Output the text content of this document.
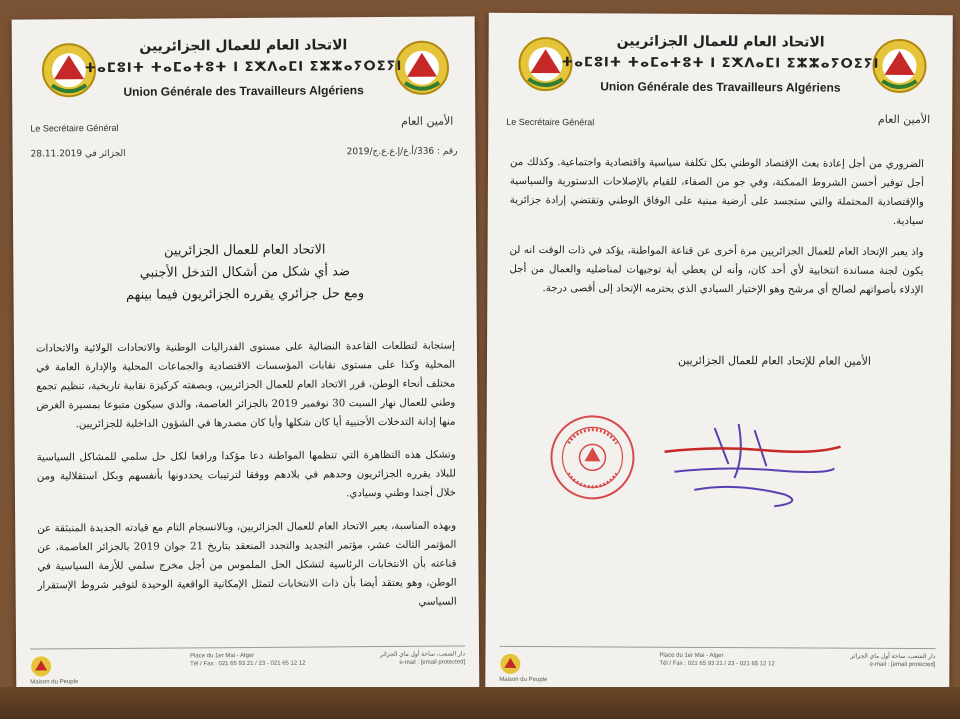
الاتحاد العام للعمال الجزائريين
ⵜⴰⵎⵓⵏⵜ ⵜⴰⵎⴰⵜⵓⵜ ⵏ ⵉⵅⴷⴰⵎⵏ ⵉⵣⵣⴰⵢⵔⵉⵢⵏ
Union Générale des Travailleurs Algériens
Le Secrétaire Général
الأمين العام
رقم : 336/أ.ع/إ.ع.ع.ج/2019
الجزائر في 28.11.2019
الاتحاد العام للعمال الجزائريين
ضد أي شكل من أشكال التدخل الأجنبي
ومع حل جزائري يقرره الجزائريون فيما بينهم

إستجابة لتطلعات القاعدة النضالية على مستوى الفدراليات الوطنية والاتحادات الولائية والاتحادات المحلية وكذا على مستوى نقابات المؤسسات الاقتصادية والجماعات المحلية والإدارة العامة في مختلف أنحاء الوطن، قرر الاتحاد العام للعمال الجزائريين، وبصفته كركيزة نقابية تاريخية، تنظيم تجمع وطني للعمال نهار السبت 30 نوفمبر 2019 بالجزائر العاصمة، والذي سيكون متبوعا بمسيرة الغرض منها إدانة التدخلات الأجنبية أيا كان شكلها وأيا كان مصدرها في الشؤون الداخلية للجزائريين.

وتشكل هذه التظاهرة التي تنظمها المواطنة دعا مؤكدا ورافعا لكل حل سلمي للمشاكل السياسية للبلاد يقرره الجزائريون وحدهم في بلادهم ووفقا لترتيبات يحددونها بأنفسهم وبكل استقلالية ومن خلال أجندا وطني وسيادي.

وبهذه المناسبة، يعبر الاتحاد العام للعمال الجزائريين، وبالانسجام التام مع قيادته الجديدة المنبثقة عن المؤتمر الثالث عشر، مؤتمر التجديد والتجدد المنعقد بتاريخ 21 جوان 2019 بالجزائر العاصمة، عن قناعته بأن الانتخابات الرئاسية لتشكل الحل الملموس من أجل مخرج سلمي للأزمة السياسية في الوطن، وهو يعتقد أيضا بأن ذات الانتخابات لتمثل الإمكانية الواقعية الوحيدة لتوفير شروط الإستقرار السياسي

Maison du Peuple
Place du 1er Mai - Alger
Tél / Fax : 021 65 93 21 / 23 - 021 65 12 12
دار الشعب، ساحة أول ماي الجزائر
e-mail : [email protected]
الاتحاد العام للعمال الجزائريين
ⵜⴰⵎⵓⵏⵜ ⵜⴰⵎⴰⵜⵓⵜ ⵏ ⵉⵅⴷⴰⵎⵏ ⵉⵣⵣⴰⵢⵔⵉⵢⵏ
Union Générale des Travailleurs Algériens
Le Secrétaire Général	الأمين العام

الضروري من أجل إعادة بعث الإقتصاد الوطني بكل تكلفة سياسية واقتصادية واجتماعية. وكذلك من أجل توفير أحسن الشروط الممكنة، وفي جو من الصفاء، للقيام بالإصلاحات الدستورية والسياسية والإقتصادية المحتملة والتي ستجسد على أرضية مبنية على الوفاق الوطني وتقتضي إرادة جزائرية سيادية.

واذ يعبر الإتحاد العام للعمال الجزائريين مرة أخرى عن قناعة المواطنة، يؤكد في ذات الوقت انه لن يكون لجنة مساندة انتخابية لأي أحد كان، وأنه لن يعطي أية توجيهات لمناضليه والعمال من أجل الإدلاء بأصواتهم لصالح أي مرشح وهو الإختيار السيادي الذي يحترمه الإتحاد إلى أقصى درجة.

الأمين العام للإتحاد العام للعمال الجزائريين
Maison du Peuple
Place du 1er Mai - Alger
Tél / Fax : 021 65 93 21 / 23 - 021 65 12 12
دار الشعب، ساحة أول ماي الجزائر
e-mail : [email protected]
